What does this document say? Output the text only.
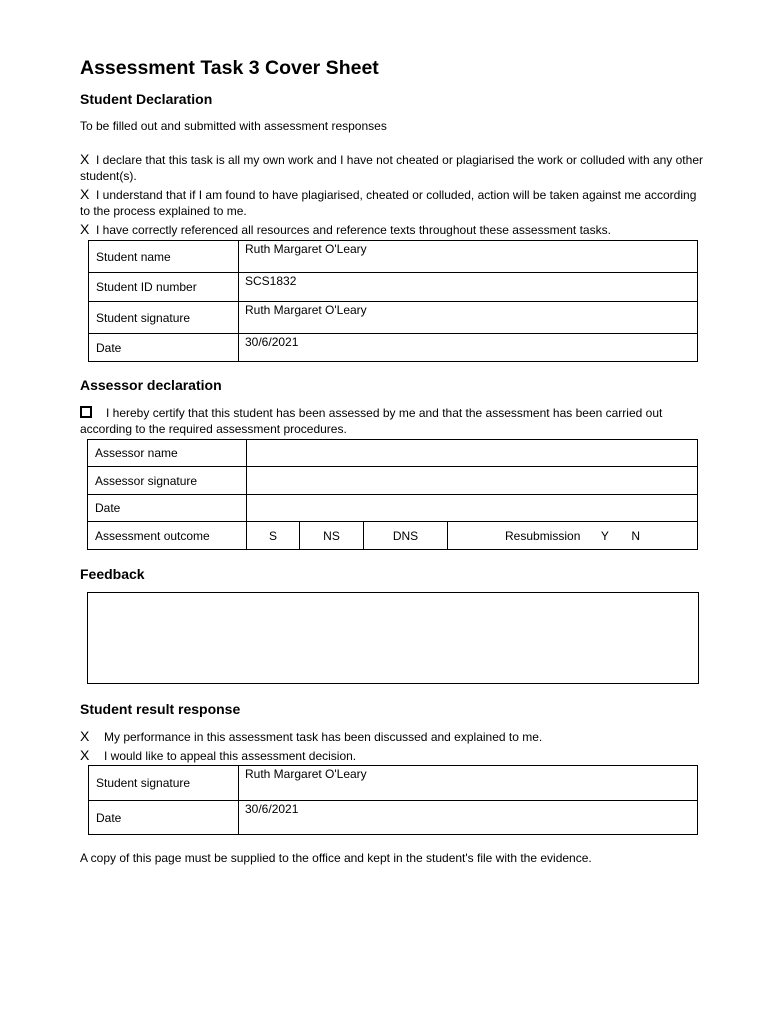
Assessment Task 3 Cover Sheet
Student Declaration
To be filled out and submitted with assessment responses
X I declare that this task is all my own work and I have not cheated or plagiarised the work or colluded with any other student(s).
X I understand that if I am found to have plagiarised, cheated or colluded, action will be taken against me according to the process explained to me.
X I have correctly referenced all resources and reference texts throughout these assessment tasks.
Student name	Ruth Margaret O'Leary
Student ID number	SCS1832
Student signature	Ruth Margaret O'Leary
Date	30/6/2021
Assessor declaration
I hereby certify that this student has been assessed by me and that the assessment has been carried out according to the required assessment procedures.
Assessor name				
Assessor signature				
Date				
Assessment outcome	S	NS	DNS	Resubmission Y N
Feedback
Student result response
X My performance in this assessment task has been discussed and explained to me.
X I would like to appeal this assessment decision.
Student signature	Ruth Margaret O'Leary
Date	30/6/2021
A copy of this page must be supplied to the office and kept in the student's file with the evidence.
